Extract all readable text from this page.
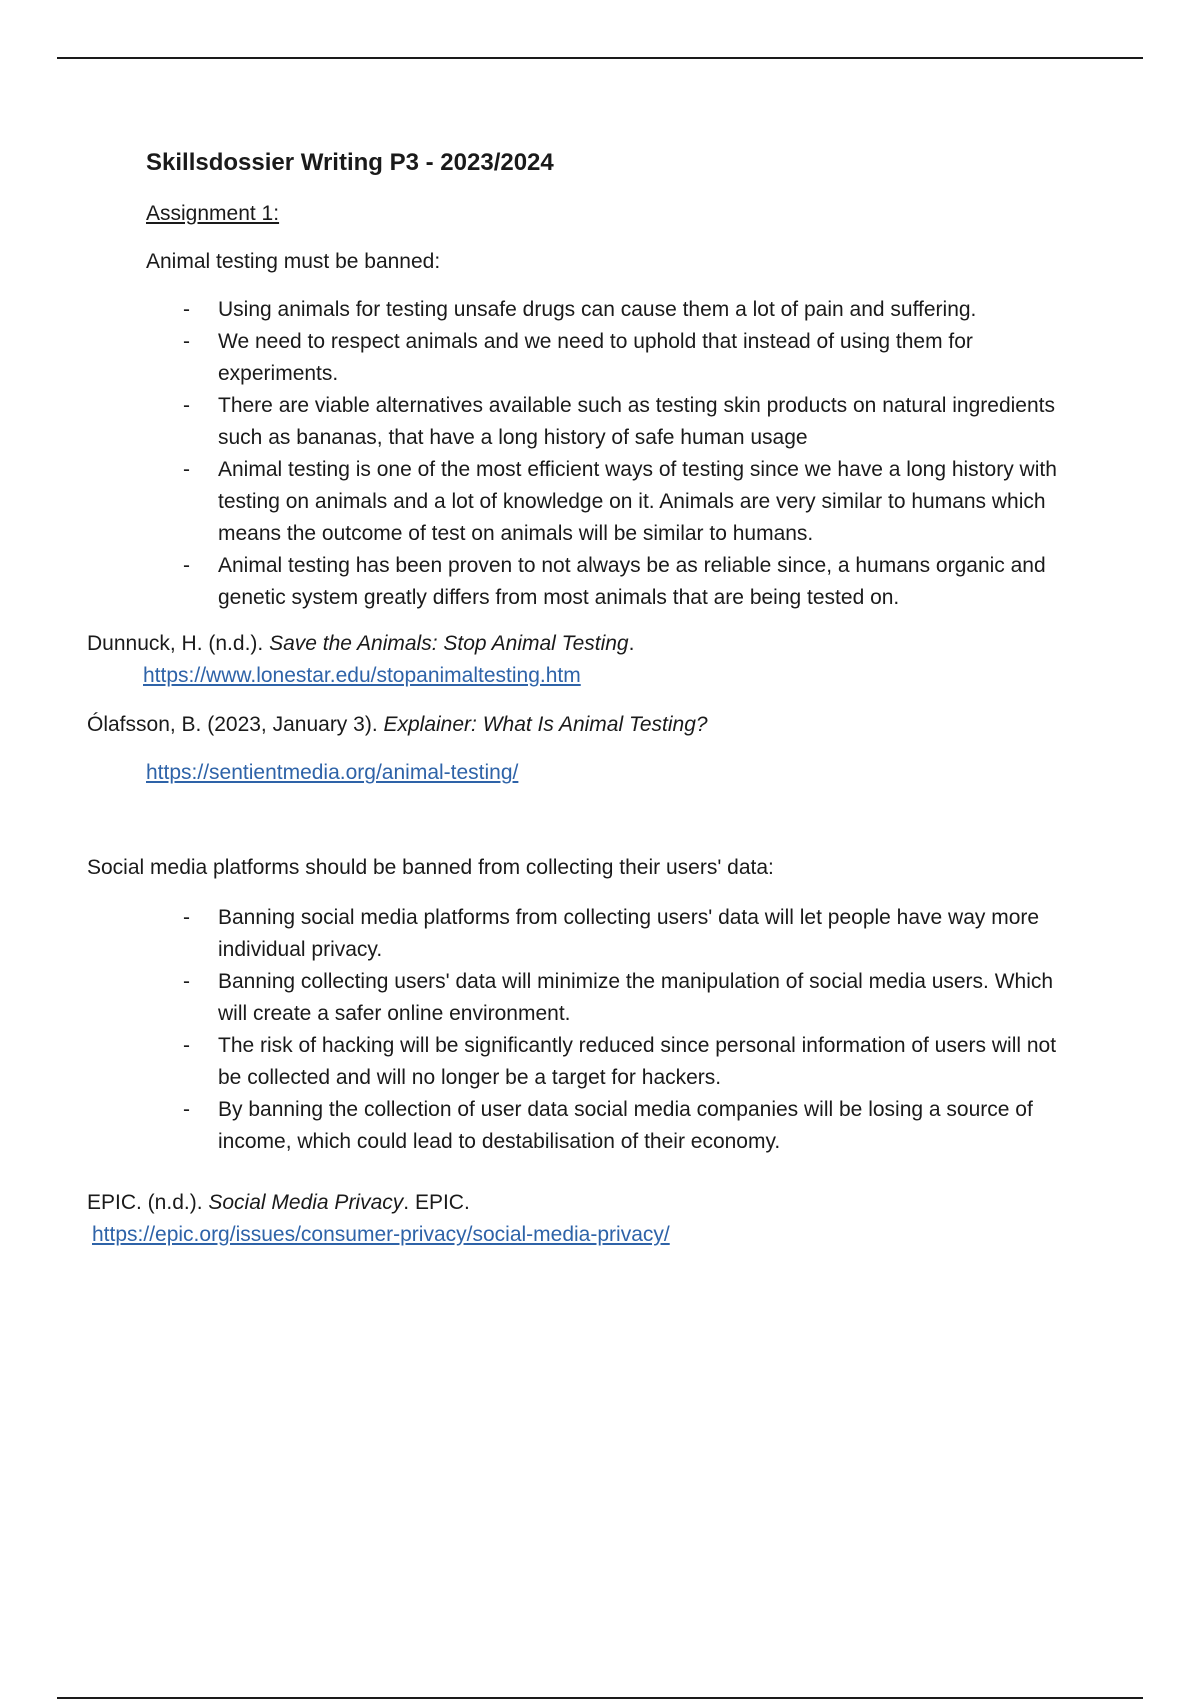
Skillsdossier Writing P3 - 2023/2024
Assignment 1:
Animal testing must be banned:
- Using animals for testing unsafe drugs can cause them a lot of pain and suffering.
- We need to respect animals and we need to uphold that instead of using them for experiments.
- There are viable alternatives available such as testing skin products on natural ingredients such as bananas, that have a long history of safe human usage
- Animal testing is one of the most efficient ways of testing since we have a long history with testing on animals and a lot of knowledge on it. Animals are very similar to humans which means the outcome of test on animals will be similar to humans.
- Animal testing has been proven to not always be as reliable since, a humans organic and genetic system greatly differs from most animals that are being tested on.
Dunnuck, H. (n.d.). Save the Animals: Stop Animal Testing.
https://www.lonestar.edu/stopanimaltesting.htm
Ólafsson, B. (2023, January 3). Explainer: What Is Animal Testing?
https://sentientmedia.org/animal-testing/
Social media platforms should be banned from collecting their users' data:
- Banning social media platforms from collecting users' data will let people have way more individual privacy.
- Banning collecting users' data will minimize the manipulation of social media users. Which will create a safer online environment.
- The risk of hacking will be significantly reduced since personal information of users will not be collected and will no longer be a target for hackers.
- By banning the collection of user data social media companies will be losing a source of income, which could lead to destabilisation of their economy.
EPIC. (n.d.). Social Media Privacy. EPIC.
https://epic.org/issues/consumer-privacy/social-media-privacy/
